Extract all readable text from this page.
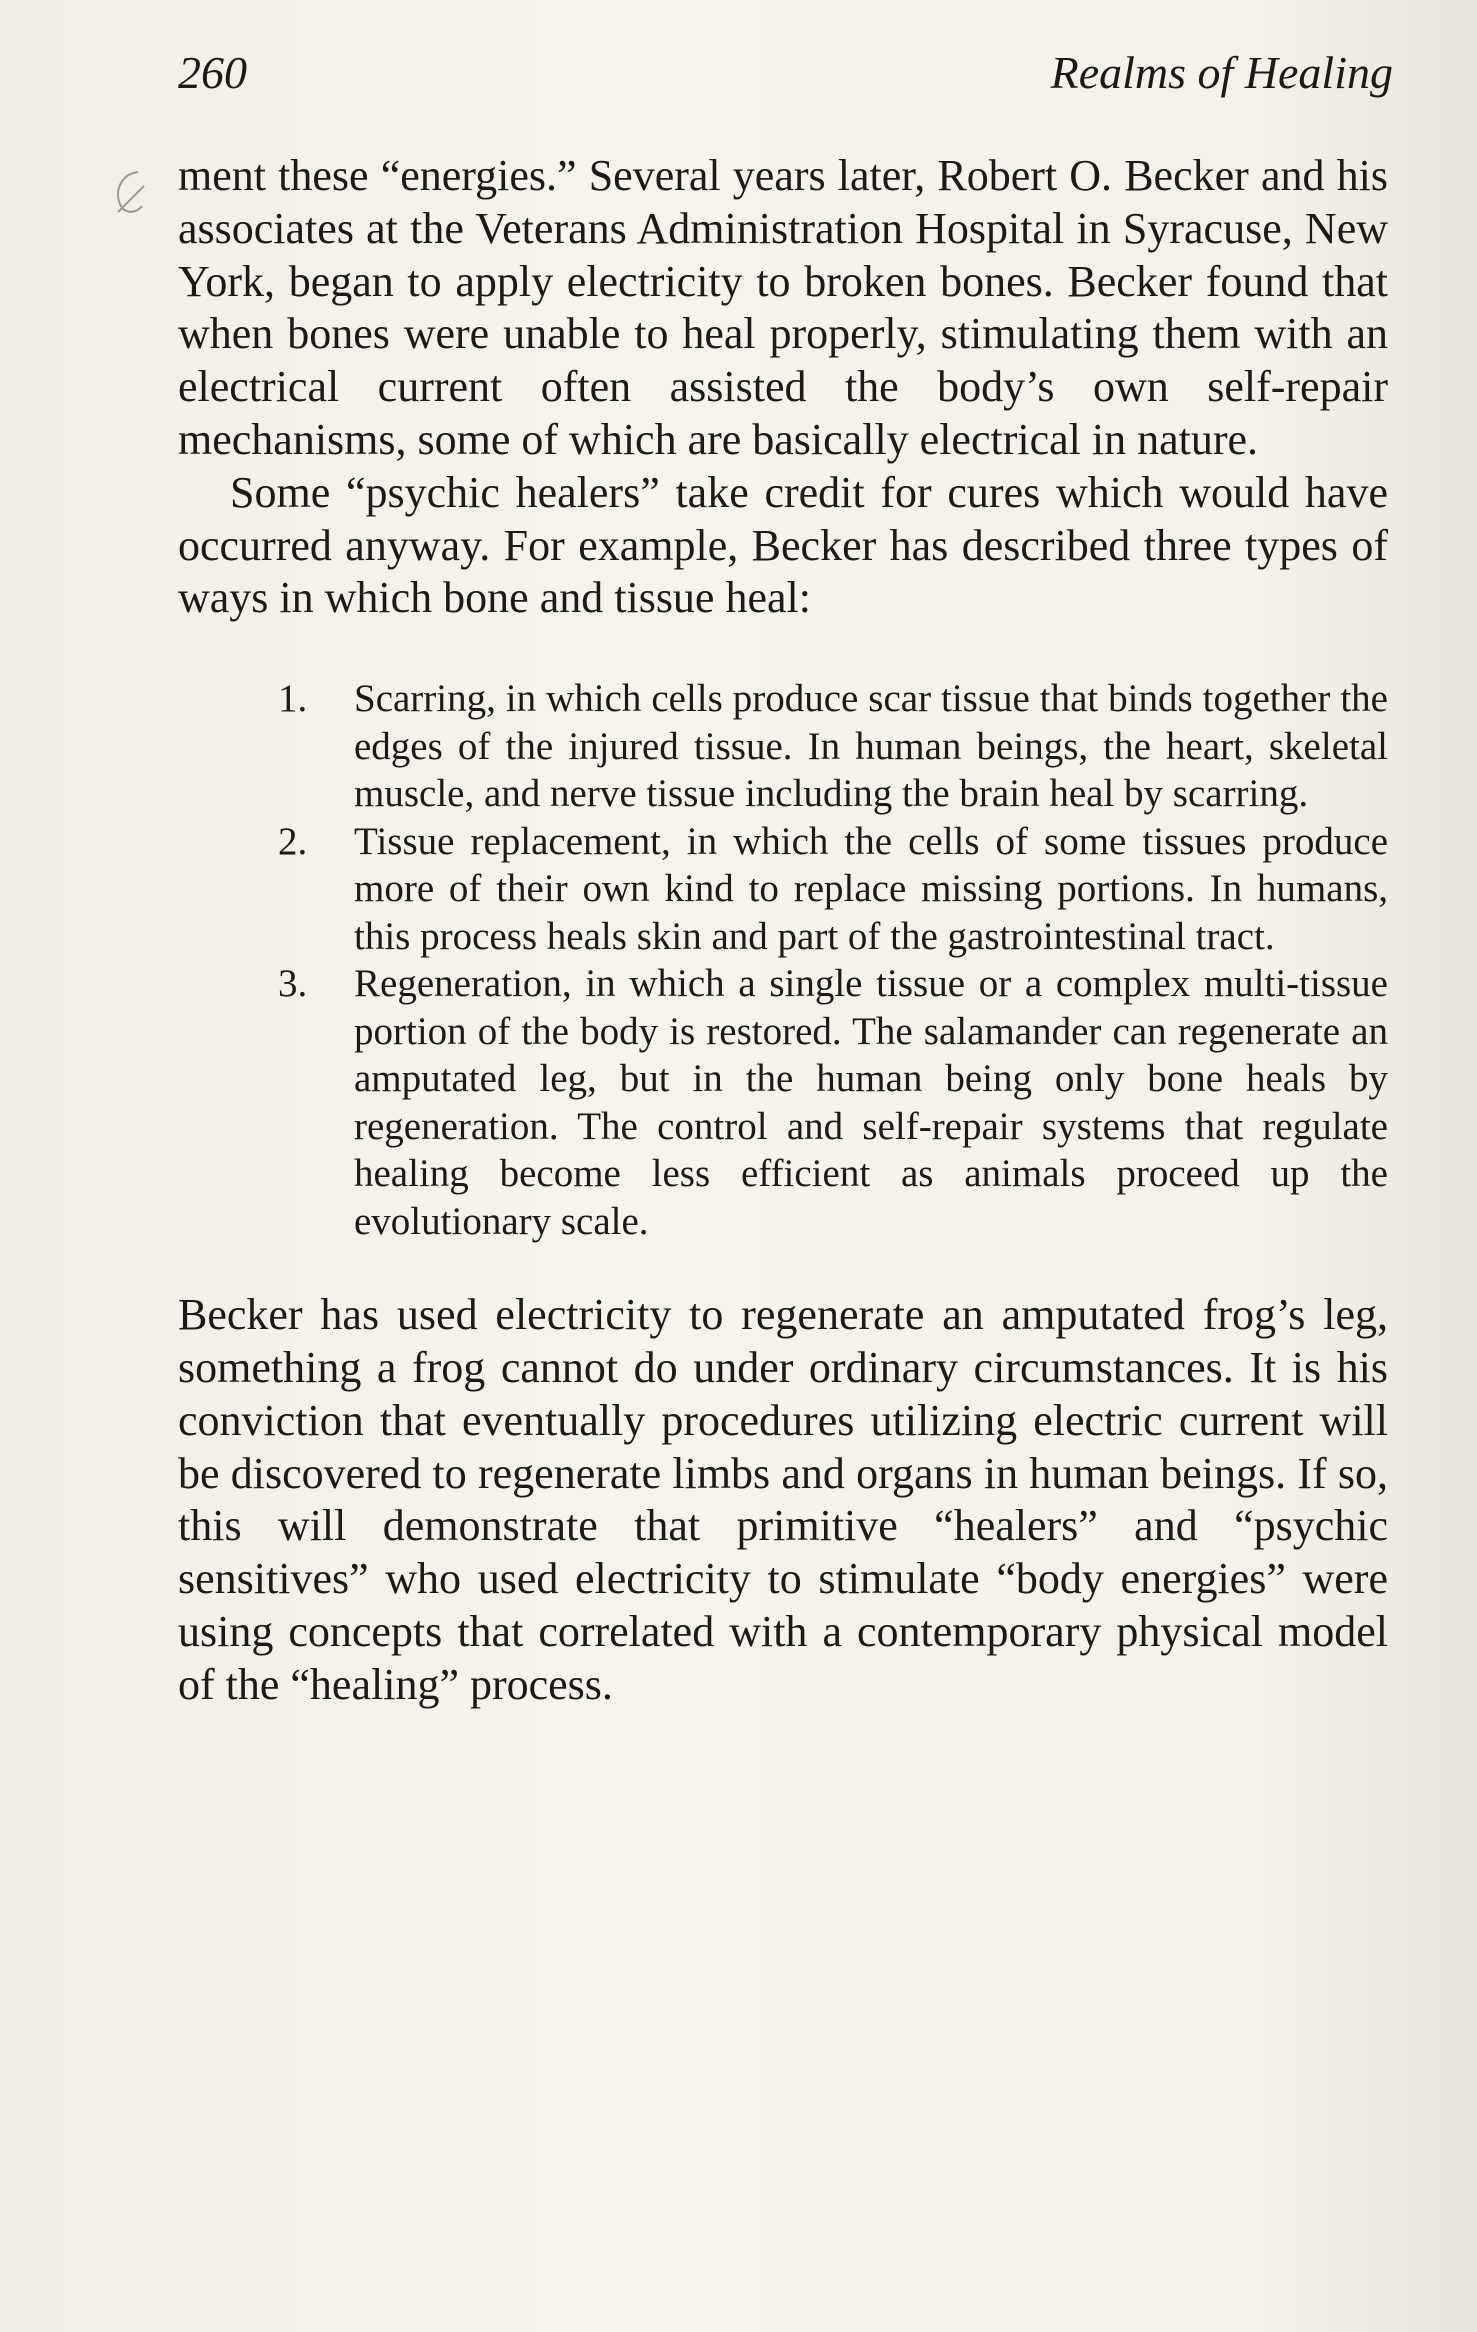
260	Realms of Healing

ment these “energies.” Several years later, Robert O. Becker and his associates at the Veterans Administration Hospital in Syracuse, New York, began to apply electricity to broken bones. Becker found that when bones were unable to heal properly, stimulating them with an electrical current often assisted the body’s own self-repair mechanisms, some of which are basically electrical in nature.

Some “psychic healers” take credit for cures which would have occurred anyway. For example, Becker has described three types of ways in which bone and tissue heal:

1. Scarring, in which cells produce scar tissue that binds together the edges of the injured tissue. In human beings, the heart, skeletal muscle, and nerve tissue including the brain heal by scarring.
2. Tissue replacement, in which the cells of some tissues produce more of their own kind to replace missing portions. In humans, this process heals skin and part of the gastrointestinal tract.
3. Regeneration, in which a single tissue or a complex multi-tissue portion of the body is restored. The salamander can regenerate an amputated leg, but in the human being only bone heals by regeneration. The control and self-repair systems that regulate healing become less efficient as animals proceed up the evolutionary scale.

Becker has used electricity to regenerate an amputated frog’s leg, something a frog cannot do under ordinary circumstances. It is his conviction that eventually procedures utilizing electric current will be discovered to regenerate limbs and organs in human beings. If so, this will demonstrate that primitive “healers” and “psychic sensitives” who used electricity to stimulate “body energies” were using concepts that correlated with a contemporary physical model of the “healing” process.
